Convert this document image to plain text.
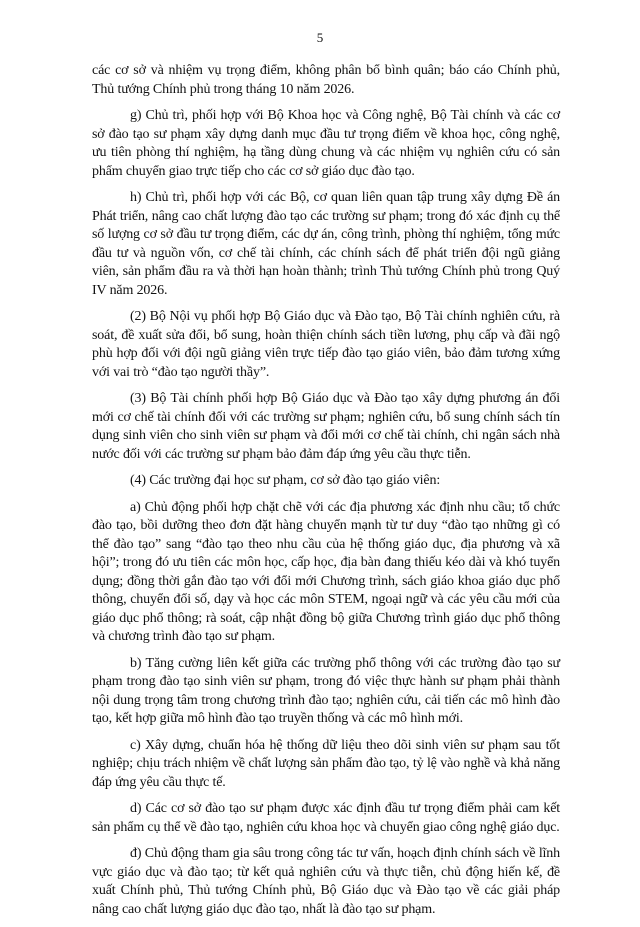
5

các cơ sở và nhiệm vụ trọng điểm, không phân bổ bình quân; báo cáo Chính phủ, Thủ tướng Chính phủ trong tháng 10 năm 2026.

g) Chủ trì, phối hợp với Bộ Khoa học và Công nghệ, Bộ Tài chính và các cơ sở đào tạo sư phạm xây dựng danh mục đầu tư trọng điểm về khoa học, công nghệ, ưu tiên phòng thí nghiệm, hạ tầng dùng chung và các nhiệm vụ nghiên cứu có sản phẩm chuyển giao trực tiếp cho các cơ sở giáo dục đào tạo.

h) Chủ trì, phối hợp với các Bộ, cơ quan liên quan tập trung xây dựng Đề án Phát triển, nâng cao chất lượng đào tạo các trường sư phạm; trong đó xác định cụ thể số lượng cơ sở đầu tư trọng điểm, các dự án, công trình, phòng thí nghiệm, tổng mức đầu tư và nguồn vốn, cơ chế tài chính, các chính sách để phát triển đội ngũ giảng viên, sản phẩm đầu ra và thời hạn hoàn thành; trình Thủ tướng Chính phủ trong Quý IV năm 2026.

(2) Bộ Nội vụ phối hợp Bộ Giáo dục và Đào tạo, Bộ Tài chính nghiên cứu, rà soát, đề xuất sửa đổi, bổ sung, hoàn thiện chính sách tiền lương, phụ cấp và đãi ngộ phù hợp đối với đội ngũ giảng viên trực tiếp đào tạo giáo viên, bảo đảm tương xứng với vai trò “đào tạo người thầy”.

(3) Bộ Tài chính phối hợp Bộ Giáo dục và Đào tạo xây dựng phương án đổi mới cơ chế tài chính đối với các trường sư phạm; nghiên cứu, bổ sung chính sách tín dụng sinh viên cho sinh viên sư phạm và đổi mới cơ chế tài chính, chi ngân sách nhà nước đối với các trường sư phạm bảo đảm đáp ứng yêu cầu thực tiễn.

(4) Các trường đại học sư phạm, cơ sở đào tạo giáo viên:

a) Chủ động phối hợp chặt chẽ với các địa phương xác định nhu cầu; tổ chức đào tạo, bồi dưỡng theo đơn đặt hàng chuyển mạnh từ tư duy “đào tạo những gì có thể đào tạo” sang “đào tạo theo nhu cầu của hệ thống giáo dục, địa phương và xã hội”; trong đó ưu tiên các môn học, cấp học, địa bàn đang thiếu kéo dài và khó tuyển dụng; đồng thời gắn đào tạo với đổi mới Chương trình, sách giáo khoa giáo dục phổ thông, chuyển đổi số, dạy và học các môn STEM, ngoại ngữ và các yêu cầu mới của giáo dục phổ thông; rà soát, cập nhật đồng bộ giữa Chương trình giáo dục phổ thông và chương trình đào tạo sư phạm.

b) Tăng cường liên kết giữa các trường phổ thông với các trường đào tạo sư phạm trong đào tạo sinh viên sư phạm, trong đó việc thực hành sư phạm phải thành nội dung trọng tâm trong chương trình đào tạo; nghiên cứu, cải tiến các mô hình đào tạo, kết hợp giữa mô hình đào tạo truyền thống và các mô hình mới.

c) Xây dựng, chuẩn hóa hệ thống dữ liệu theo dõi sinh viên sư phạm sau tốt nghiệp; chịu trách nhiệm về chất lượng sản phẩm đào tạo, tỷ lệ vào nghề và khả năng đáp ứng yêu cầu thực tế.

d) Các cơ sở đào tạo sư phạm được xác định đầu tư trọng điểm phải cam kết sản phẩm cụ thể về đào tạo, nghiên cứu khoa học và chuyển giao công nghệ giáo dục.

đ) Chủ động tham gia sâu trong công tác tư vấn, hoạch định chính sách về lĩnh vực giáo dục và đào tạo; từ kết quả nghiên cứu và thực tiễn, chủ động hiến kế, đề xuất Chính phủ, Thủ tướng Chính phủ, Bộ Giáo dục và Đào tạo về các giải pháp nâng cao chất lượng giáo dục đào tạo, nhất là đào tạo sư phạm.
